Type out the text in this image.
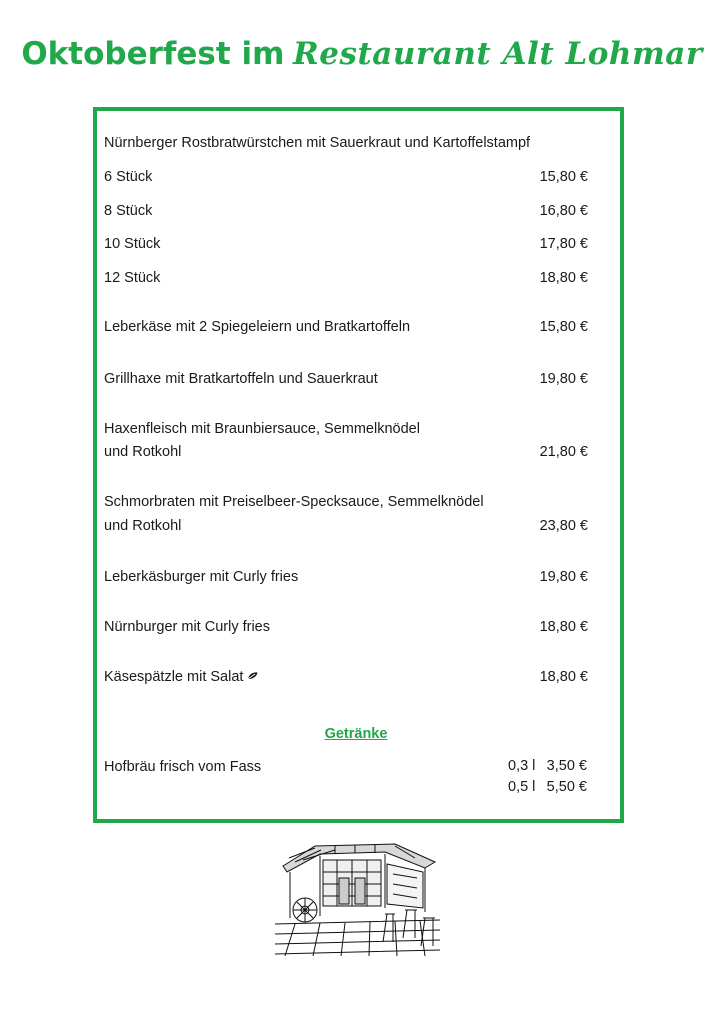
Oktoberfest im Restaurant Alt Lohmar
Nürnberger Rostbratwürstchen mit Sauerkraut und Kartoffelstampf
6 Stück	15,80 €
8 Stück	16,80 €
10 Stück	17,80 €
12 Stück	18,80 €
Leberkäse mit 2 Spiegeleiern und Bratkartoffeln	15,80 €
Grillhaxe mit Bratkartoffeln und Sauerkraut	19,80 €
Haxenfleisch mit Braunbiersauce, Semmelknödel
und Rotkohl	21,80 €
Schmorbraten mit Preiselbeer-Specksauce, Semmelknödel
und Rotkohl	23,80 €
Leberkäsburger mit Curly fries	19,80 €
Nürnburger mit Curly fries	18,80 €
Käsespätzle mit Salat	18,80 €
Getränke
Hofbräu frisch vom Fass	0,3 l 3,50 €
0,5 l 5,50 €
